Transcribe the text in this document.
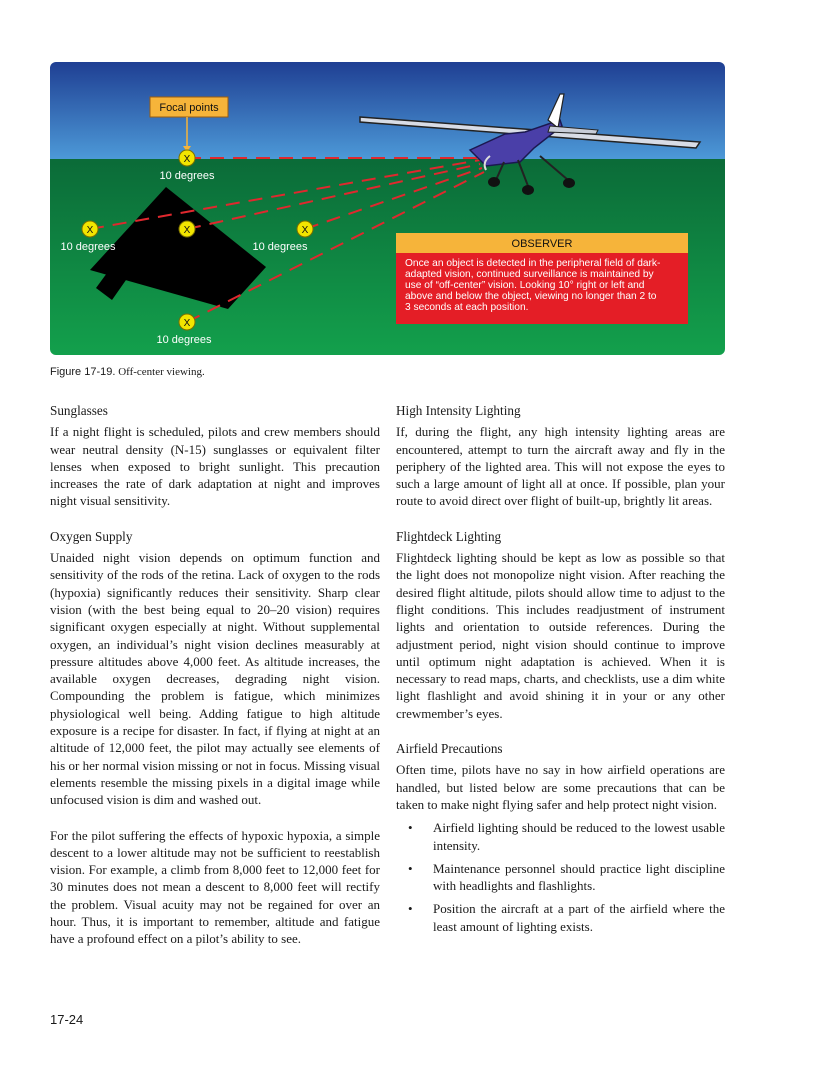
Focal points
X
10 degrees
X
10 degrees
X	X
10 degrees
X
10 degrees
OBSERVER
Once an object is detected in the peripheral field of dark-
adapted vision, continued surveillance is maintained by
use of “off-center” vision. Looking 10° right or left and
above and below the object, viewing no longer than 2 to
3 seconds at each position.
Figure 17-19. Off-center viewing.
Sunglasses

If a night flight is scheduled, pilots and crew members should wear neutral density (N-15) sunglasses or equivalent filter lenses when exposed to bright sunlight. This precaution increases the rate of dark adaptation at night and improves night visual sensitivity.

Oxygen Supply

Unaided night vision depends on optimum function and sensitivity of the rods of the retina. Lack of oxygen to the rods (hypoxia) significantly reduces their sensitivity. Sharp clear vision (with the best being equal to 20–20 vision) requires significant oxygen especially at night. Without supplemental oxygen, an individual’s night vision declines measurably at pressure altitudes above 4,000 feet. As altitude increases, the available oxygen decreases, degrading night vision. Compounding the problem is fatigue, which minimizes physiological well being. Adding fatigue to high altitude exposure is a recipe for disaster. In fact, if flying at night at an altitude of 12,000 feet, the pilot may actually see elements of his or her normal vision missing or not in focus. Missing visual elements resemble the missing pixels in a digital image while unfocused vision is dim and washed out.

For the pilot suffering the effects of hypoxic hypoxia, a simple descent to a lower altitude may not be sufficient to reestablish vision. For example, a climb from 8,000 feet to 12,000 feet for 30 minutes does not mean a descent to 8,000 feet will rectify the problem. Visual acuity may not be regained for over an hour. Thus, it is important to remember, altitude and fatigue have a profound effect on a pilot’s ability to see.

High Intensity Lighting

If, during the flight, any high intensity lighting areas are encountered, attempt to turn the aircraft away and fly in the periphery of the lighted area. This will not expose the eyes to such a large amount of light all at once. If possible, plan your route to avoid direct over flight of built-up, brightly lit areas.

Flightdeck Lighting

Flightdeck lighting should be kept as low as possible so that the light does not monopolize night vision. After reaching the desired flight altitude, pilots should allow time to adjust to the flight conditions. This includes readjustment of instrument lights and orientation to outside references. During the adjustment period, night vision should continue to improve until optimum night adaptation is achieved. When it is necessary to read maps, charts, and checklists, use a dim white light flashlight and avoid shining it in your or any other crewmember’s eyes.

Airfield Precautions

Often time, pilots have no say in how airfield operations are handled, but listed below are some precautions that can be taken to make night flying safer and help protect night vision.

• Airfield lighting should be reduced to the lowest usable intensity.
• Maintenance personnel should practice light discipline with headlights and flashlights.
• Position the aircraft at a part of the airfield where the least amount of lighting exists.
17-24
